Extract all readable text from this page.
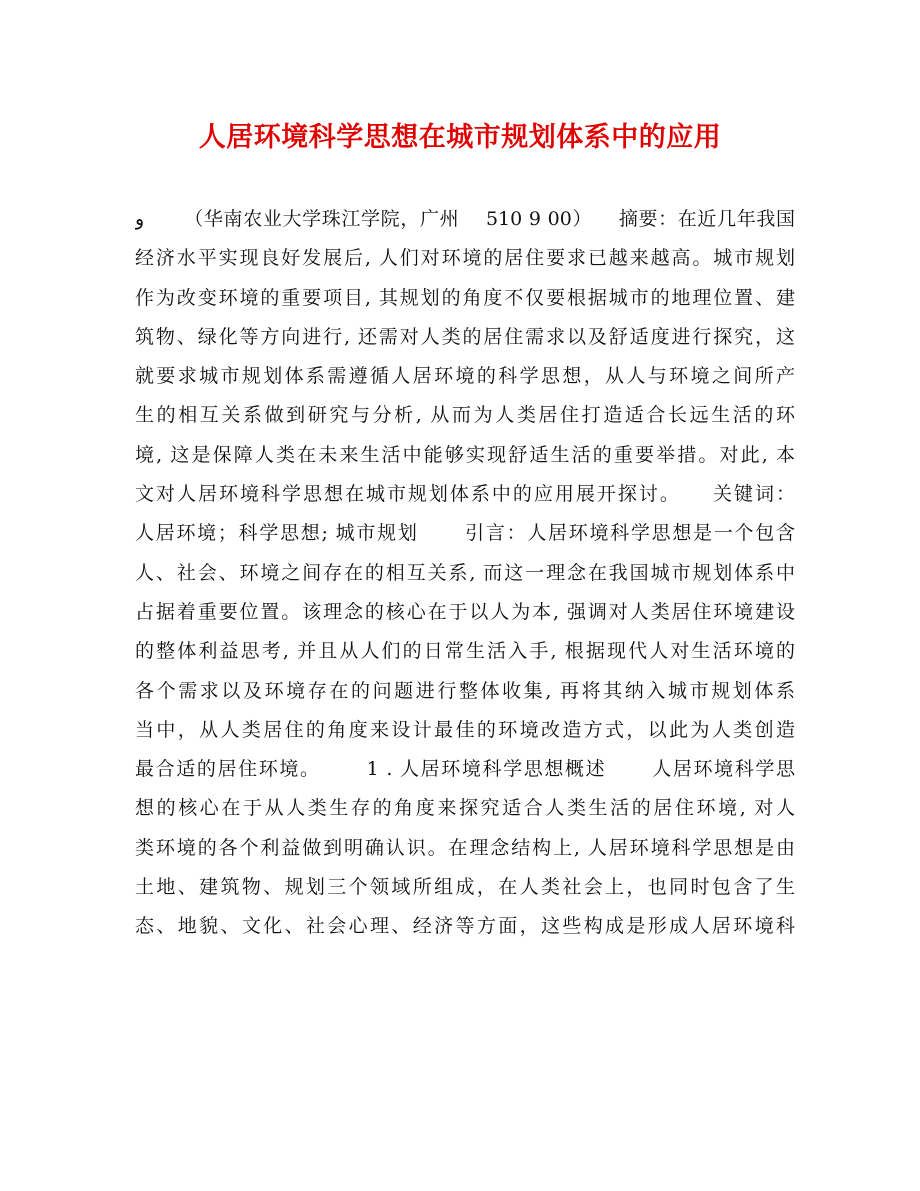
人居环境科学思想在城市规划体系中的应用
و      （华南农业大学珠江学院，广州    510 9 00）    摘要：在近几年我国
经济水平实现良好发展后, 人们对环境的居住要求已越来越高。城市规划
作为改变环境的重要项目, 其规划的角度不仅要根据城市的地理位置、建
筑物、绿化等方向进行, 还需对人类的居住需求以及舒适度进行探究，这
就要求城市规划体系需遵循人居环境的科学思想，从人与环境之间所产
生的相互关系做到研究与分析, 从而为人类居住打造适合长远生活的环
境, 这是保障人类在未来生活中能够实现舒适生活的重要举措。对此, 本
文对人居环境科学思想在城市规划体系中的应用展开探讨。    关键词：
人居环境；科学思想; 城市规划      引言：人居环境科学思想是一个包含
人、社会、环境之间存在的相互关系, 而这一理念在我国城市规划体系中
占据着重要位置。该理念的核心在于以人为本, 强调对人类居住环境建设
的整体利益思考, 并且从人们的日常生活入手, 根据现代人对生活环境的
各个需求以及环境存在的问题进行整体收集, 再将其纳入城市规划体系
当中，从人类居住的角度来设计最佳的环境改造方式，以此为人类创造
最合适的居住环境。      1 . 人居环境科学思想概述      人居环境科学思
想的核心在于从人类生存的角度来探究适合人类生活的居住环境, 对人
类环境的各个利益做到明确认识。在理念结构上, 人居环境科学思想是由
土地、建筑物、规划三个领域所组成，在人类社会上，也同时包含了生
态、地貌、文化、社会心理、经济等方面，这些构成是形成人居环境科
